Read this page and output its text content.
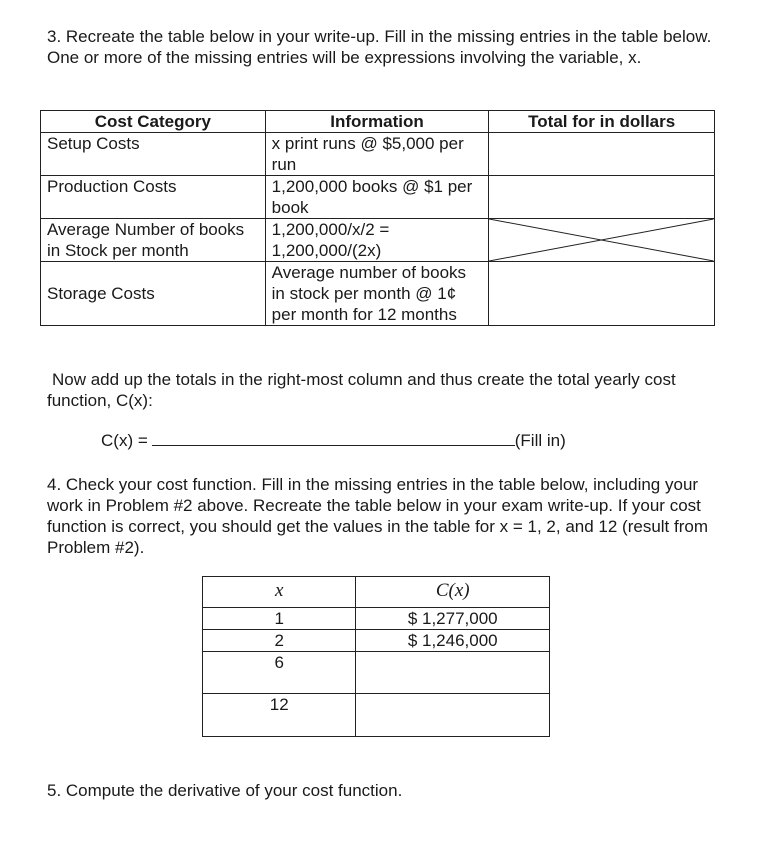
3. Recreate the table below in your write-up. Fill in the missing entries in the table below. One or more of the missing entries will be expressions involving the variable, x.

Cost Category	Information	Total for in dollars
Setup Costs	x print runs @ $5,000 per run	
Production Costs	1,200,000 books @ $1 per book	
Average Number of books in Stock per month	1,200,000/x/2 = 1,200,000/(2x)	

Storage Costs	Average number of books in stock per month @ 1¢ per month for 12 months	

Now add up the totals in the right-most column and thus create the total yearly cost function, C(x):

C(x) =	(Fill in)

4. Check your cost function. Fill in the missing entries in the table below, including your work in Problem #2 above. Recreate the table below in your exam write-up. If your cost function is correct, you should get the values in the table for x = 1, 2, and 12 (result from Problem #2).

x	C(x)
1	$ 1,277,000
2	$ 1,246,000
6	
12	

5. Compute the derivative of your cost function.
